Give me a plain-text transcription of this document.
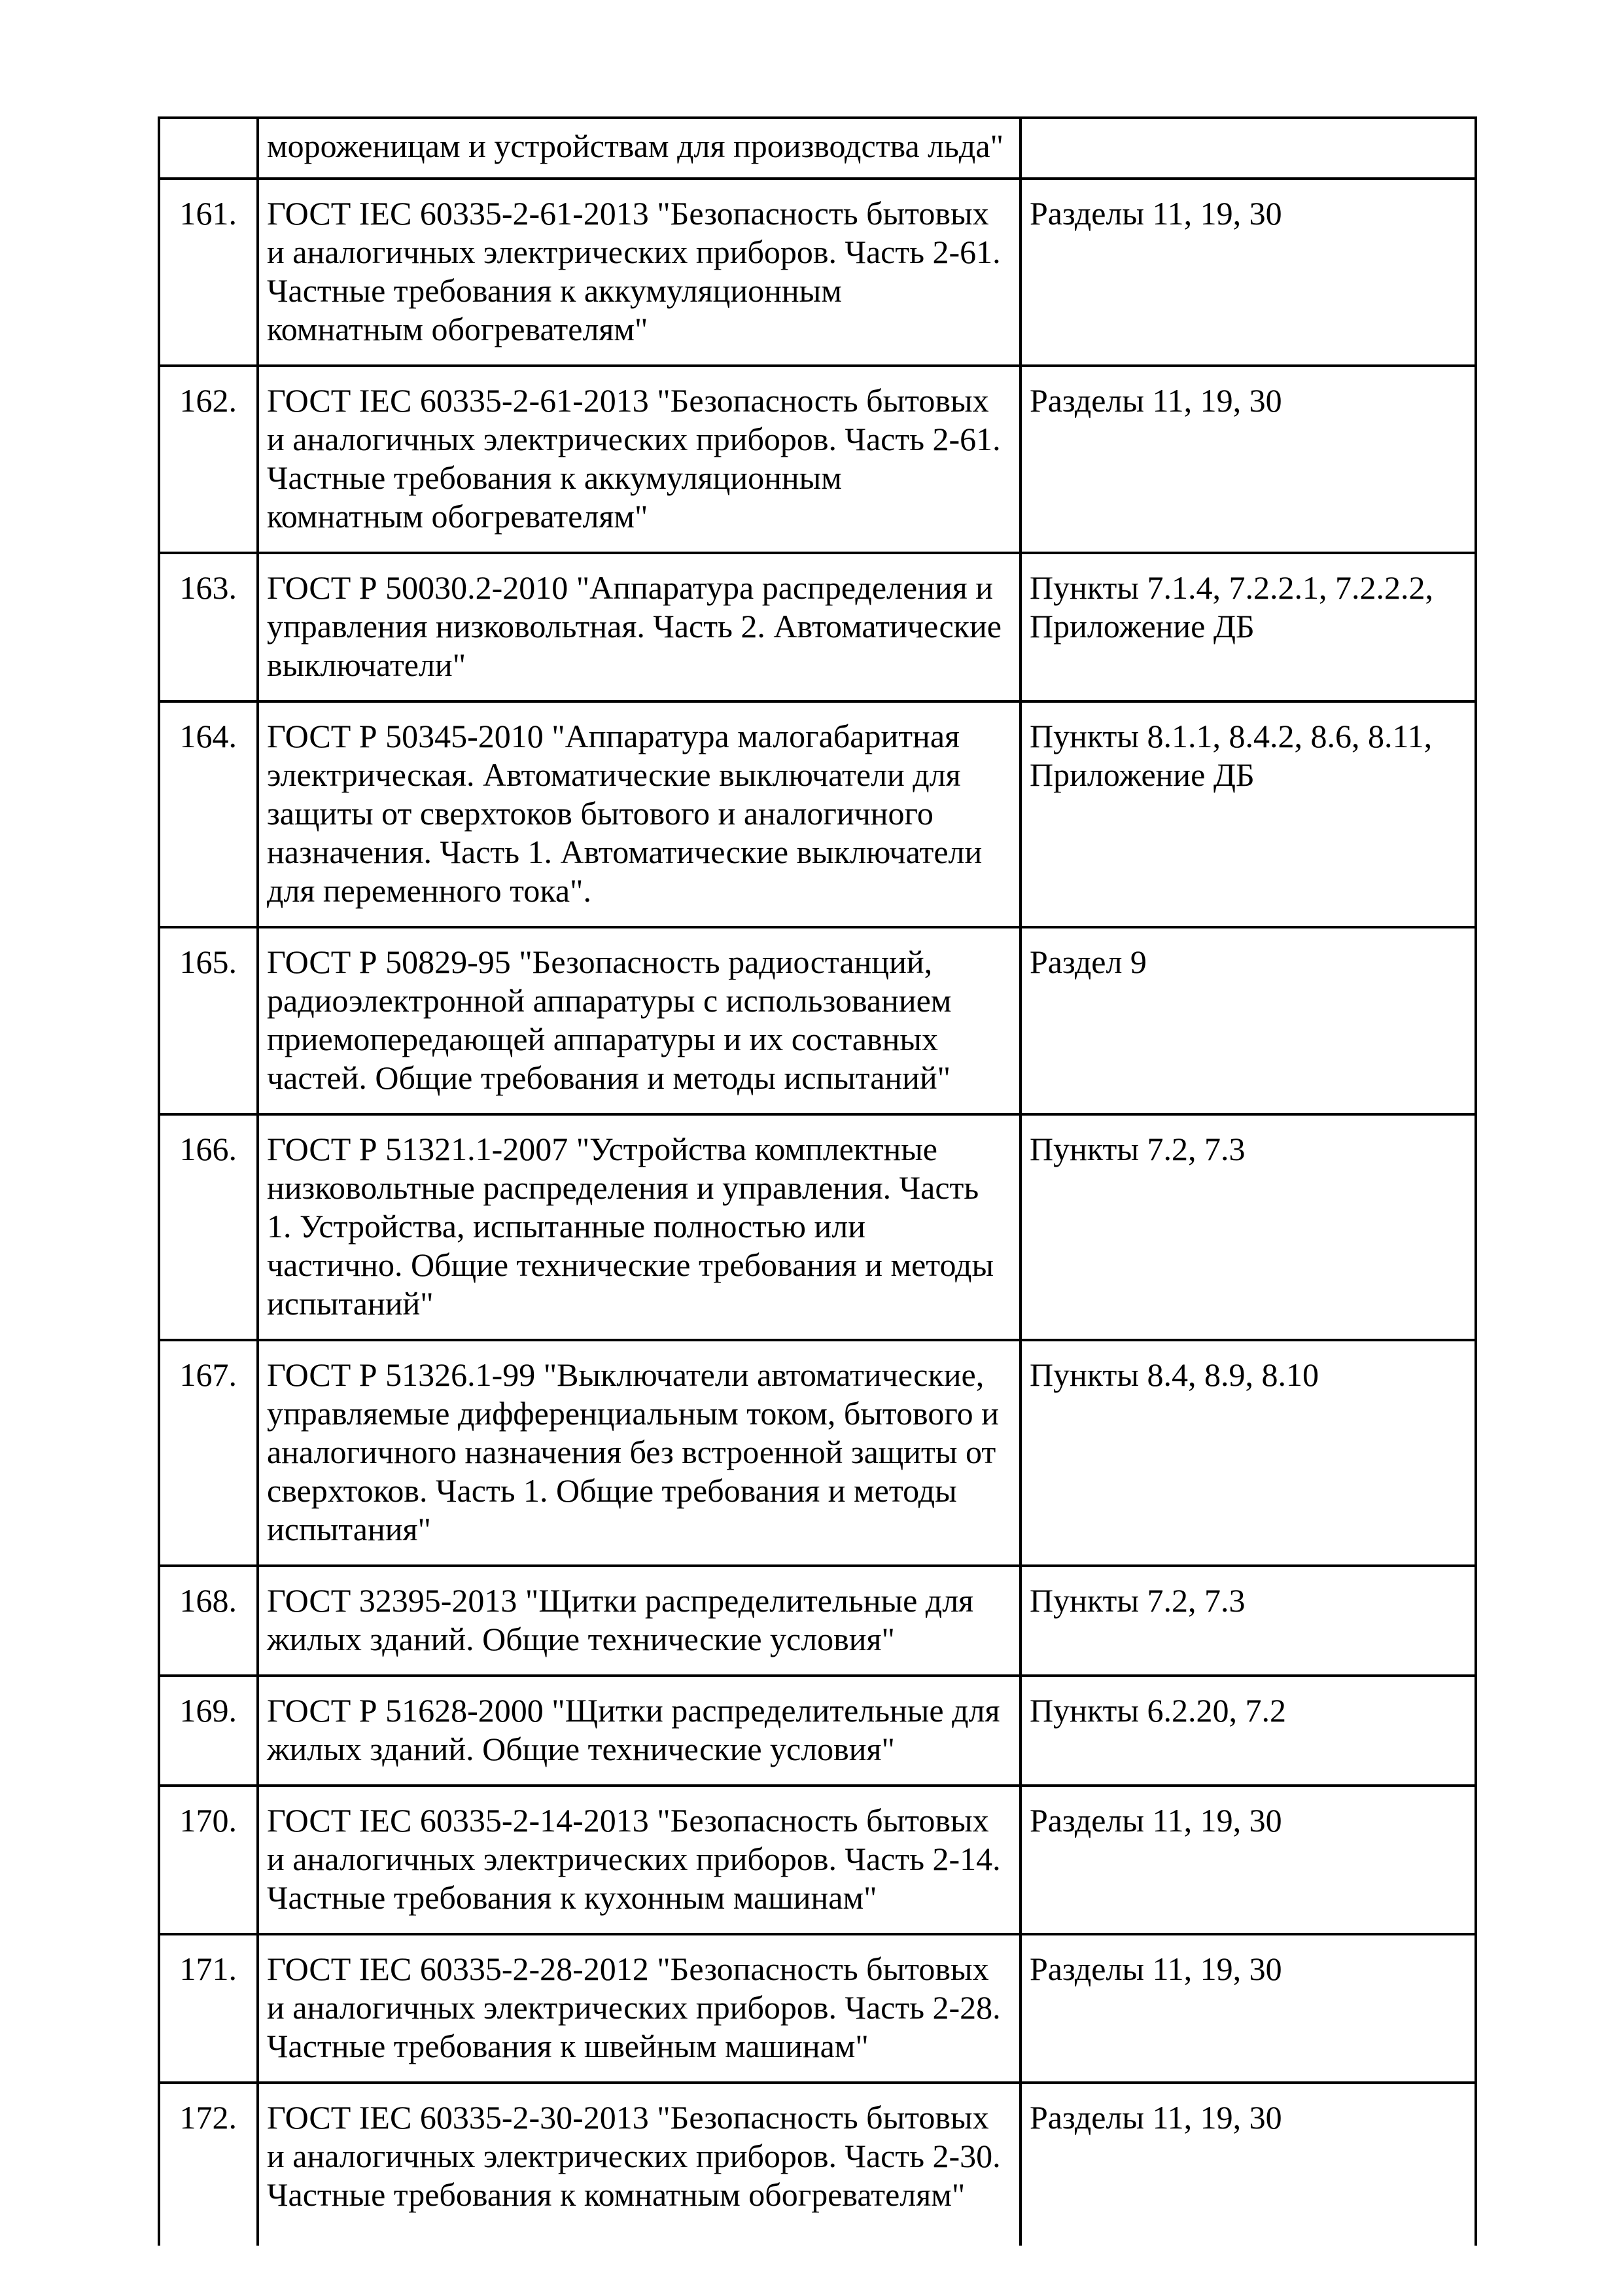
	мороженицам и устройствам для производства льда"	

161.	ГОСТ IEC 60335-2-61-2013 "Безопасность бытовых
и аналогичных электрических приборов. Часть 2-61.
Частные требования к аккумуляционным
комнатным обогревателям"	Разделы 11, 19, 30
162.	ГОСТ IEC 60335-2-61-2013 "Безопасность бытовых
и аналогичных электрических приборов. Часть 2-61.
Частные требования к аккумуляционным
комнатным обогревателям"	Разделы 11, 19, 30
163.	ГОСТ Р 50030.2-2010 "Аппаратура распределения и
управления низковольтная. Часть 2. Автоматические
выключатели"	Пункты 7.1.4, 7.2.2.1, 7.2.2.2,
Приложение ДБ

164.	ГОСТ Р 50345-2010 "Аппаратура малогабаритная
электрическая. Автоматические выключатели для
защиты от сверхтоков бытового и аналогичного
назначения. Часть 1. Автоматические выключатели
для переменного тока".	Пункты 8.1.1, 8.4.2, 8.6, 8.11,
Приложение ДБ

165.	ГОСТ Р 50829-95 "Безопасность радиостанций,
радиоэлектронной аппаратуры с использованием
приемопередающей аппаратуры и их составных
частей. Общие требования и методы испытаний"	Раздел 9
166.	ГОСТ Р 51321.1-2007 "Устройства комплектные
низковольтные распределения и управления. Часть
1. Устройства, испытанные полностью или
частично. Общие технические требования и методы
испытаний"	Пункты 7.2, 7.3
167.	ГОСТ Р 51326.1-99 "Выключатели автоматические,
управляемые дифференциальным током, бытового и
аналогичного назначения без встроенной защиты от
сверхтоков. Часть 1. Общие требования и методы
испытания"	Пункты 8.4, 8.9, 8.10
168.	ГОСТ 32395-2013 "Щитки распределительные для
жилых зданий. Общие технические условия"	Пункты 7.2, 7.3
169.	ГОСТ Р 51628-2000 "Щитки распределительные для
жилых зданий. Общие технические условия"	Пункты 6.2.20, 7.2
170.	ГОСТ IEC 60335-2-14-2013 "Безопасность бытовых
и аналогичных электрических приборов. Часть 2-14.
Частные требования к кухонным машинам"	Разделы 11, 19, 30
171.	ГОСТ IEC 60335-2-28-2012 "Безопасность бытовых
и аналогичных электрических приборов. Часть 2-28.
Частные требования к швейным машинам"	Разделы 11, 19, 30
172.	ГОСТ IEC 60335-2-30-2013 "Безопасность бытовых
и аналогичных электрических приборов. Часть 2-30.
Частные требования к комнатным обогревателям"	Разделы 11, 19, 30
